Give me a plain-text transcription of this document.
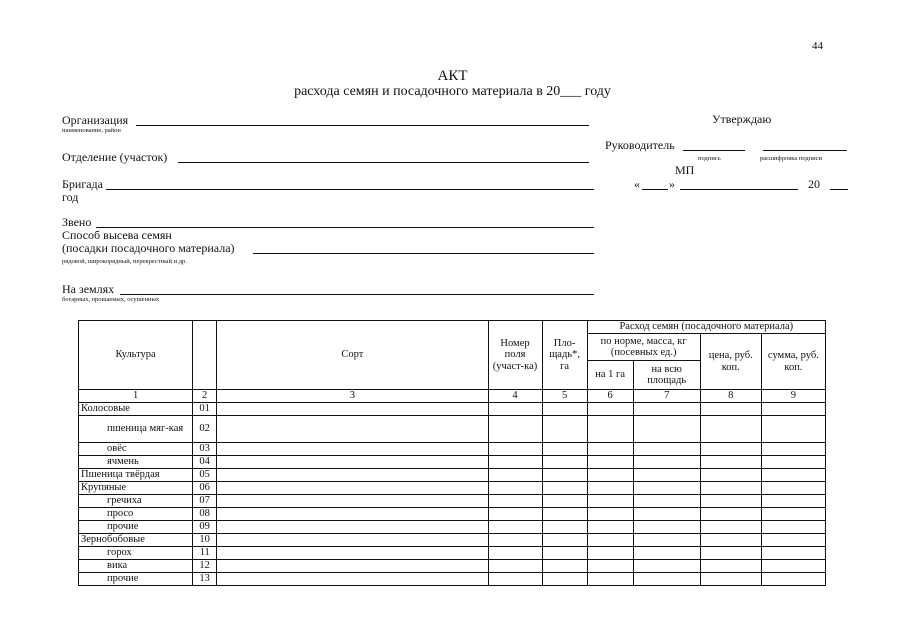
44
АКТ
расхода семян и посадочного материала в 20___ году
Организация
наименование, район
Отделение (участок)
Бригада
год
Звено
Способ высева семян
(посадки посадочного материала)
рядовой, широкорядный, перекрестный и др.
На землях
богарных, орошаемых, осушенных
Утверждаю
Руководитель
подпись	расшифровка подписи
МП
« »	20
Культура		Сорт	Номер поля (участ-ка)	Пло-щадь*, га	Расход семян (посадочного материала)			
					по норме, масса, кг (посевных ед.)		цена, руб. коп.	сумма, руб. коп.
					на 1 га	на всю площадь		
1	2	3	4	5	6	7	8	9
Колосовые	01							
пшеница мяг-кая	02							
овёс	03							
ячмень	04							
Пшеница твёрдая	05							
Крупяные	06							
гречиха	07							
просо	08							
прочие	09							
Зернобобовые	10							
горох	11							
вика	12							
прочие	13							
